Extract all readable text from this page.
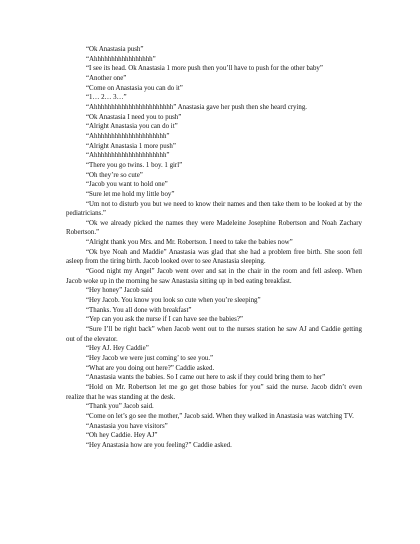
“Ok Anastasia push”

“Ahhhhhhhhhhhhhhhhh”

“I see its head. Ok Anastasia 1 more push then you’ll have to push for the other baby”

“Another one”

“Come on Anastasia you can do it”

“1… 2… 3…”

“Ahhhhhhhhhhhhhhhhhhhhhhh” Anastasia gave her push then she heard crying.

“Ok Anastasia I need you to push”

“Alright Anastasia you can do it”

“Ahhhhhhhhhhhhhhhhhhhhh”

“Alright Anastasia 1 more push”

“Ahhhhhhhhhhhhhhhhhhhhh”

“There you go twins. 1 boy. 1 girl”

“Oh they’re so cute”

“Jacob you want to hold one”

“Sure let me hold my little boy”

“Um not to disturb you but we need to know their names and then take them to be looked at by the pediatricians.”

“Ok we already picked the names they were Madeleine Josephine Robertson and Noah Zachary Robertson.”

“Alright thank you Mrs. and Mr. Robertson. I need to take the babies now”

“Ok bye Noah and Maddie” Anastasia was glad that she had a problem free birth. She soon fell asleep from the tiring birth. Jacob looked over to see Anastasia sleeping.

“Good night my Angel” Jacob went over and sat in the chair in the room and fell asleep. When Jacob woke up in the morning he saw Anastasia sitting up in bed eating breakfast.

“Hey honey” Jacob said

“Hey Jacob. You know you look so cute when you’re sleeping”

“Thanks. You all done with breakfast”

“Yep can you ask the nurse if I can have see the babies?”

“Sure I’ll be right back” when Jacob went out to the nurses station he saw AJ and Caddie getting out of the elevator.

“Hey AJ. Hey Caddie”

“Hey Jacob we were just coming’ to see you.”

“What are you doing out here?” Caddie asked.

“Anastasia wants the babies. So I came out here to ask if they could bring them to her”

“Hold on Mr. Robertson let me go get those babies for you” said the nurse. Jacob didn’t even realize that he was standing at the desk.

“Thank you” Jacob said.

“Come on let’s go see the mother,” Jacob said. When they walked in Anastasia was watching TV.

“Anastasia you have visitors”

“Oh hey Caddie. Hey AJ”

“Hey Anastasia how are you feeling?” Caddie asked.
